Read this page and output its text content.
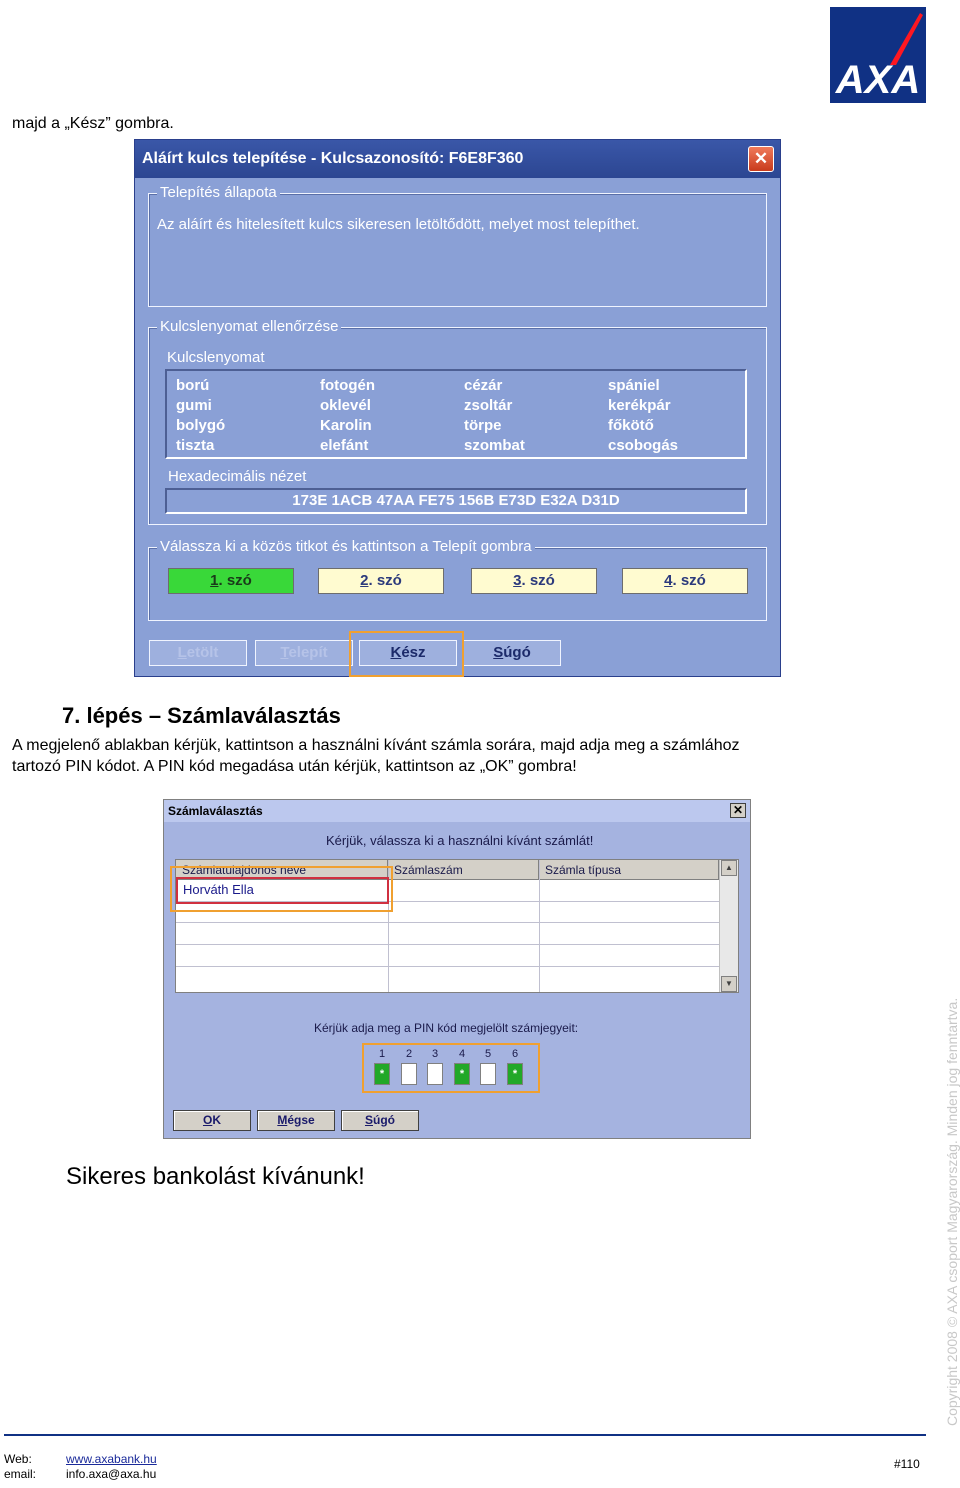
AXA
majd a „Kész” gombra.
Aláírt kulcs telepítése - Kulcsazonosító: F6E8F360	✕
Telepítés állapota
Az aláírt és hitelesített kulcs sikeresen letöltődött, melyet most telepíthet.
Kulcslenyomat ellenőrzése
Kulcslenyomat
ború	fotogén	cézár	spániel
gumi	oklevél	zsoltár	kerékpár
bolygó	Karolin	törpe	főkötő
tiszta	elefánt	szombat	csobogás
Hexadecimális nézet
173E 1ACB 47AA FE75 156B E73D E32A D31D
Válassza ki a közös titkot és kattintson a Telepít gombra
1. szó	2. szó	3. szó	4. szó
Letölt	Telepít	Kész	Súgó
7. lépés – Számlaválasztás
A megjelenő ablakban kérjük, kattintson a használni kívánt számla sorára, majd adja meg a számlához
tartozó PIN kódot. A PIN kód megadása után kérjük, kattintson az „OK” gombra!
Számlaválasztás	✕
Kérjük, válassza ki a használni kívánt számlát!
Számlatulajdonos neve	Számlaszám	Számla típusa
Horváth Ella
▲
▼
Kérjük adja meg a PIN kód megjelölt számjegyeit:
1	2	3	4	5	6
*	*	*
OK	Mégse	Súgó
Sikeres bankolást kívánunk!	Copyright 2008 © AXA csoport Magyarország. Minden jog fenntartva.
Web:	www.axabank.hu
email: info.axa@axa.hu
#110
